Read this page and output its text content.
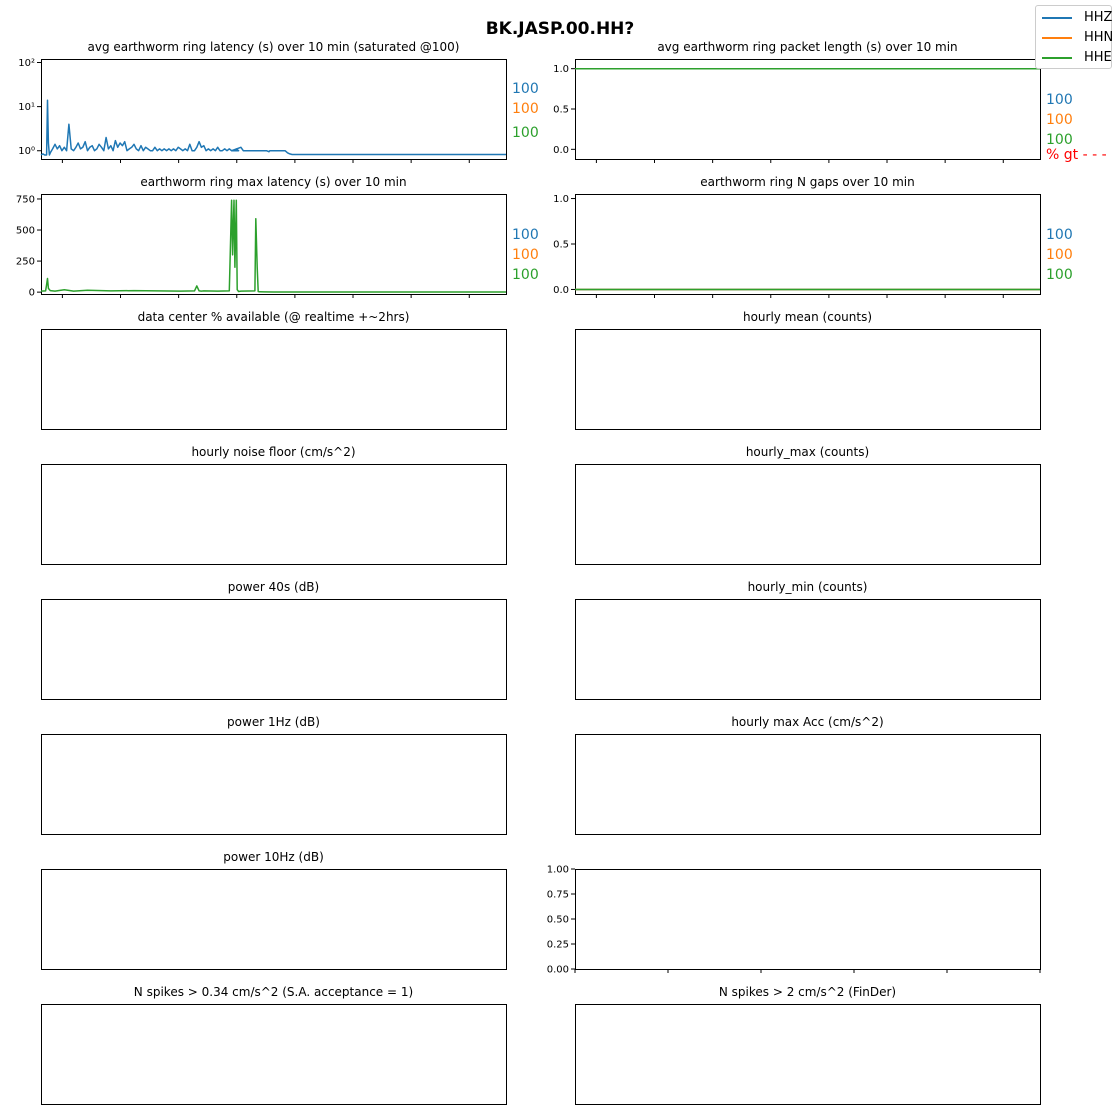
BK.JASP.00.HH?
avg earthworm ring latency (s) over 10 min (saturated @100)
10⁰
10¹
10²
100
100
100
avg earthworm ring packet length (s) over 10 min
0.0
0.5
1.0
100
100
100
% gt - - -
earthworm ring max latency (s) over 10 min
0
250
500
750
100
100
100
earthworm ring N gaps over 10 min
0.0
0.5
1.0
100
100
100
data center % available (@ realtime +~2hrs)	hourly mean (counts)
hourly noise floor (cm/s^2)	hourly_max (counts)
power 40s (dB)	hourly_min (counts)
power 1Hz (dB)	hourly max Acc (cm/s^2)
power 10Hz (dB)
0.00
0.25
0.50
0.75
1.00
N spikes > 0.34 cm/s^2 (S.A. acceptance = 1)	N spikes > 2 cm/s^2 (FinDer)
HHZ
HHN
HHE
